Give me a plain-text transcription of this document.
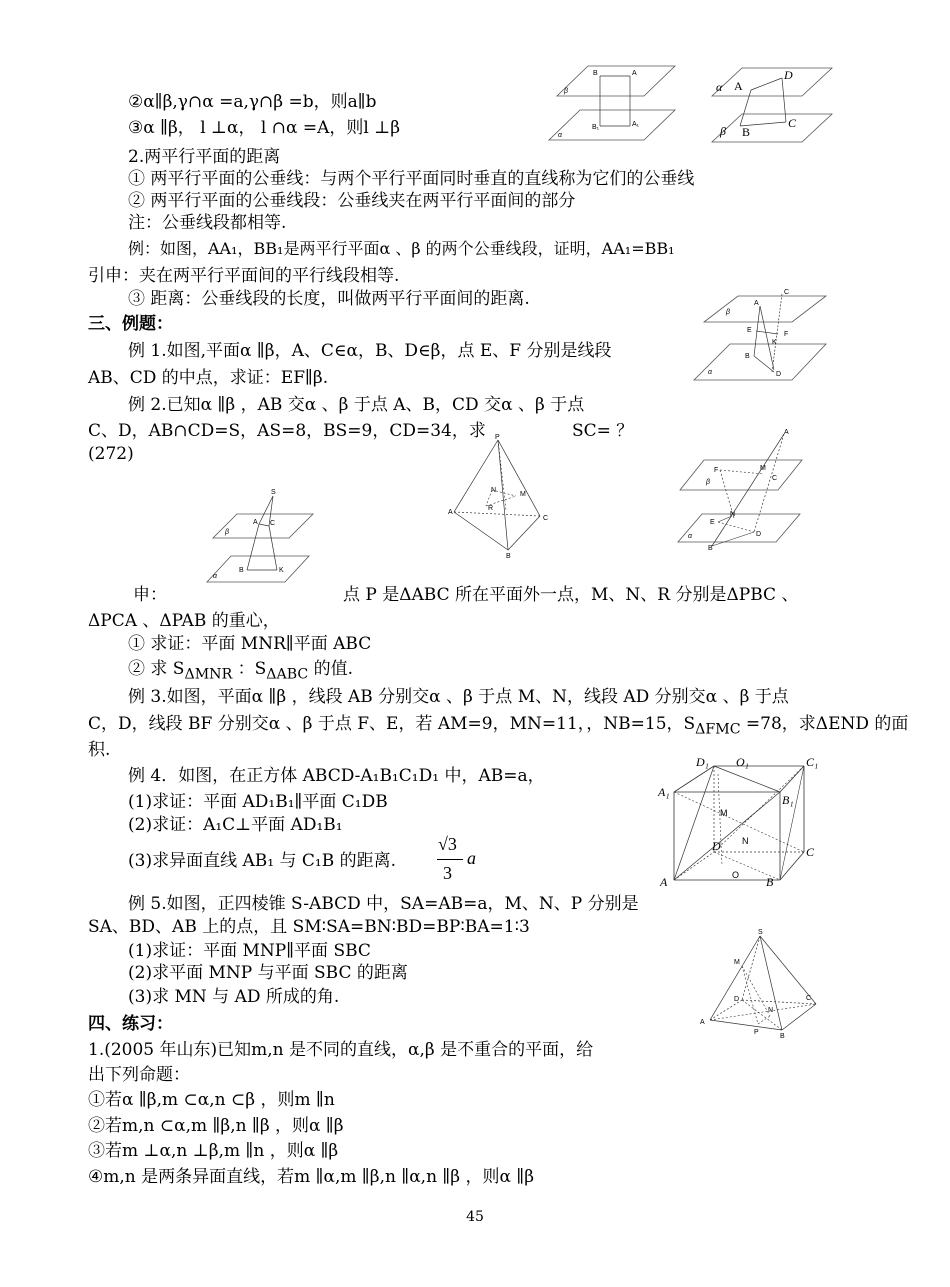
②α∥β,γ∩α =a,γ∩β =b，则a∥b
③α ∥β， l ⊥α， l ∩α =A，则l ⊥β
2.两平行平面的距离
① 两平行平面的公垂线：与两个平行平面同时垂直的直线称为它们的公垂线
② 两平行平面的公垂线段：公垂线夹在两平行平面间的部分
注：公垂线段都相等.
例：如图，AA₁，BB₁是两平行平面α 、β 的两个公垂线段，证明，AA₁=BB₁
引申：夹在两平行平面间的平行线段相等.
③ 距离：公垂线段的长度，叫做两平行平面间的距离.
三、例题：
例 1.如图,平面α ∥β，A、C∈α，B、D∈β，点 E、F 分别是线段
AB、CD 的中点，求证：EF∥β.
例 2.已知α ∥β ，AB 交α 、β 于点 A、B，CD 交α 、β 于点
C、D，AB∩CD=S，AS=8，BS=9，CD=34，求	SC= ？
(272)
申：	点 P 是ΔABC 所在平面外一点，M、N、R 分别是ΔPBC 、
ΔPCA 、ΔPAB 的重心，
① 求证：平面 MNR∥平面 ABC
② 求 $S_{\Delta MNR}$ ：$S_{\Delta ABC}$ 的值.
例 3.如图，平面α ∥β ，线段 AB 分别交α 、β 于点 M、N，线段 AD 分别交α 、β 于点
C，D，线段 BF 分别交α 、β 于点 F、E，若 AM=9，MN=11，，NB=15，$S_{\Delta FMC} =78$，求ΔEND 的面
积.
例 4．如图，在正方体 ABCD-A₁B₁C₁D₁ 中，AB=a，
(1)求证：平面 AD₁B₁∥平面 C₁DB
(2)求证：A₁C⊥平面 AD₁B₁
(3)求异面直线 AB₁ 与 C₁B 的距离.
√3
3
a
例 5.如图，正四棱锥 S-ABCD 中，SA=AB=a，M、N、P 分别是
SA、BD、AB 上的点，且 SM∶SA=BN∶BD=BP∶BA=1∶3
(1)求证：平面 MNP∥平面 SBC
(2)求平面 MNP 与平面 SBC 的距离
(3)求 MN 与 AD 所成的角.
四、练习：
1.(2005 年山东)已知m,n 是不同的直线，α,β 是不重合的平面，给
出下列命题：
①若α ∥β,m ⊂α,n ⊂β ，则m ∥n
②若m,n ⊂α,m ∥β,n ∥β ，则α ∥β
③若m ⊥α,n ⊥β,m ∥n ，则α ∥β
④m,n 是两条异面直线，若m ∥α,m ∥β,n ∥α,n ∥β ，则α ∥β
B	A
β
B₁	A₁
α
α A
D
β B
C
C
A
β
E
F
K
B
α	D
P
N
M
R
A
C
B
A
F	M
C
β
E
N
α
B
D
S
A C
β
B	K
α
D₁ O₁	C₁
A₁
B₁
M
N
D	C
A	O B
S
M
D
N
C
A
P
B
45
